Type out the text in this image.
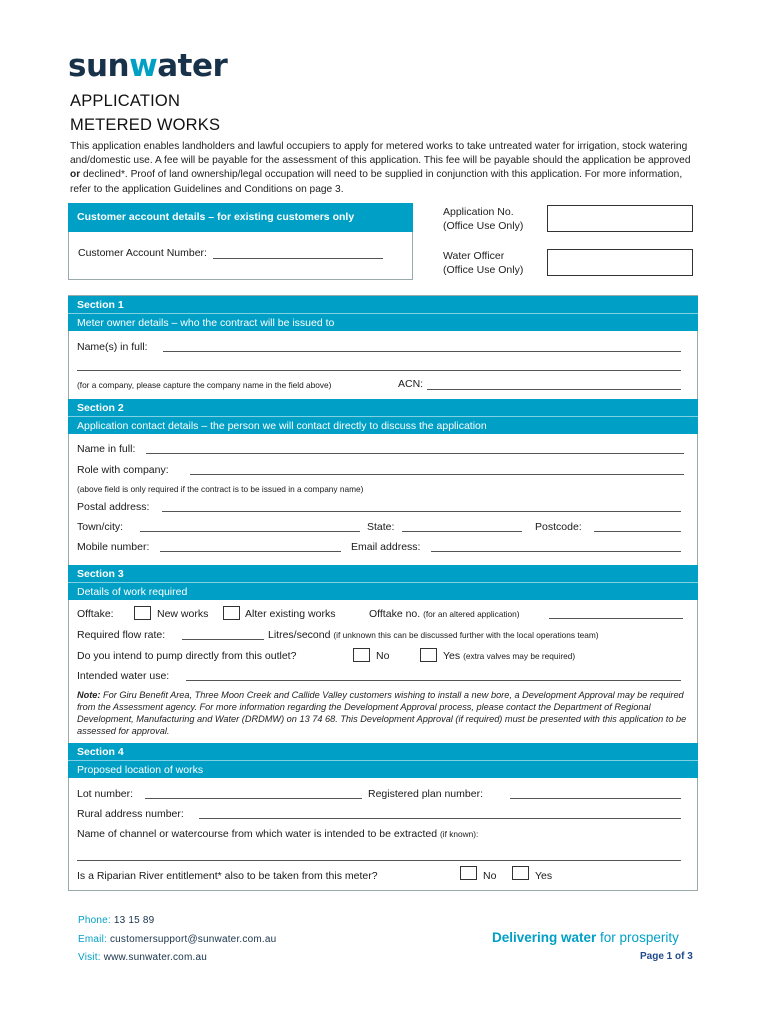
sunwater
APPLICATION
METERED WORKS
This application enables landholders and lawful occupiers to apply for metered works to take untreated water for irrigation, stock watering and/domestic use. A fee will be payable for the assessment of this application. This fee will be payable should the application be approved or declined*. Proof of land ownership/legal occupation will need to be supplied in conjunction with this application. For more information, refer to the application Guidelines and Conditions on page 3.
Customer account details – for existing customers only
Customer Account Number:
Application No.
(Office Use Only)
Water Officer
(Office Use Only)
Section 1
Meter owner details – who the contract will be issued to
Name(s) in full:
(for a company, please capture the company name in the field above)	ACN:
Section 2
Application contact details – the person we will contact directly to discuss the application
Name in full:
Role with company:
(above field is only required if the contract is to be issued in a company name)
Postal address:
Town/city:	State:	Postcode:
Mobile number:	Email address:
Section 3
Details of work required
Offtake:	New works	Alter existing works	Offtake no. (for an altered application)
Required flow rate:	Litres/second (if unknown this can be discussed further with the local operations team)
Do you intend to pump directly from this outlet?	No	Yes (extra valves may be required)
Intended water use:
Note: For Giru Benefit Area, Three Moon Creek and Callide Valley customers wishing to install a new bore, a Development Approval may be required from the Assessment agency. For more information regarding the Development Approval process, please contact the Department of Regional Development, Manufacturing and Water (DRDMW) on 13 74 68. This Development Approval (if required) must be presented with this application to be assessed for approval.
Section 4
Proposed location of works
Lot number:	Registered plan number:
Rural address number:
Name of channel or watercourse from which water is intended to be extracted (if known):
Is a Riparian River entitlement* also to be taken from this meter?	No	Yes
Phone: 13 15 89
Email: customersupport@sunwater.com.au
Visit: www.sunwater.com.au
Delivering water for prosperity
Page 1 of 3
